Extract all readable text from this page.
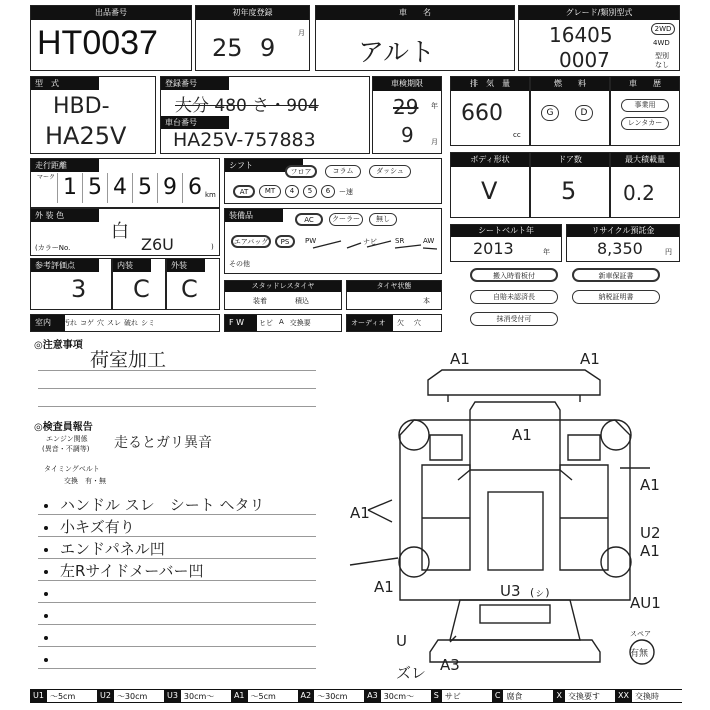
出品番号
HT0037
初年度登録
25 9
月
車　　名
アルト
グレード/類別型式
16405
0007
2WD
4WD
型別
なし
型　式
HBD-
HA25V
登録番号
大分 480 さ・904
車台番号
HA25V-757883
車検期限
29 年
9 月
排　気　量
660
cc
燃　　料
G	D
車　　歴
事業用
レンタカー
走行距離
マーク 1 5 4 5 9 6 km
シフト
フロア	コラム	ダッシュ
AT	MT	4	5	6	ー速
ボディ形状
V
ドア数
5
最大積載量
0.2
外 装 色
白
(カラーNo.	Z6U	)
装備品	AC	クーラー	無し
エアバッグ	PS	PW	ナビ	SR	AW
その他
シートベルト年
2013	年
リサイクル預託金
8,350	円
参考評価点
3
内装
C
外装
C	スタッドレスタイヤ
装着	積込
タイヤ状態
本
搬入時看板付	新車保証書
自賠未認済長	納税証明書
抹消受付可
室内	汚れ コゲ 穴 スレ 破れ シミ	F W	ヒビ A 交換要	オーディオ	欠 穴
◎注意事項
荷室加工
◎検査員報告
エンジン関係
(異音・不調等) 走るとガリ異音
タイミングベルト
交換　有・無
ハンドル スレ　シート ヘタリ
小キズ有り
エンドパネル凹
左Rサイドメーバー凹
A1	A1
A1
A1
A1
U2
A1
A1	U3 (ㇱ)
AU1
U
ズレ A3
スペア
有無
U1 ～5cm	U2 ～30cm	U3 30cm～	A1 ～5cm	A2 ～30cm	A3 30cm～	S サビ	C 腐食	X 交換要す	XX 交換時
